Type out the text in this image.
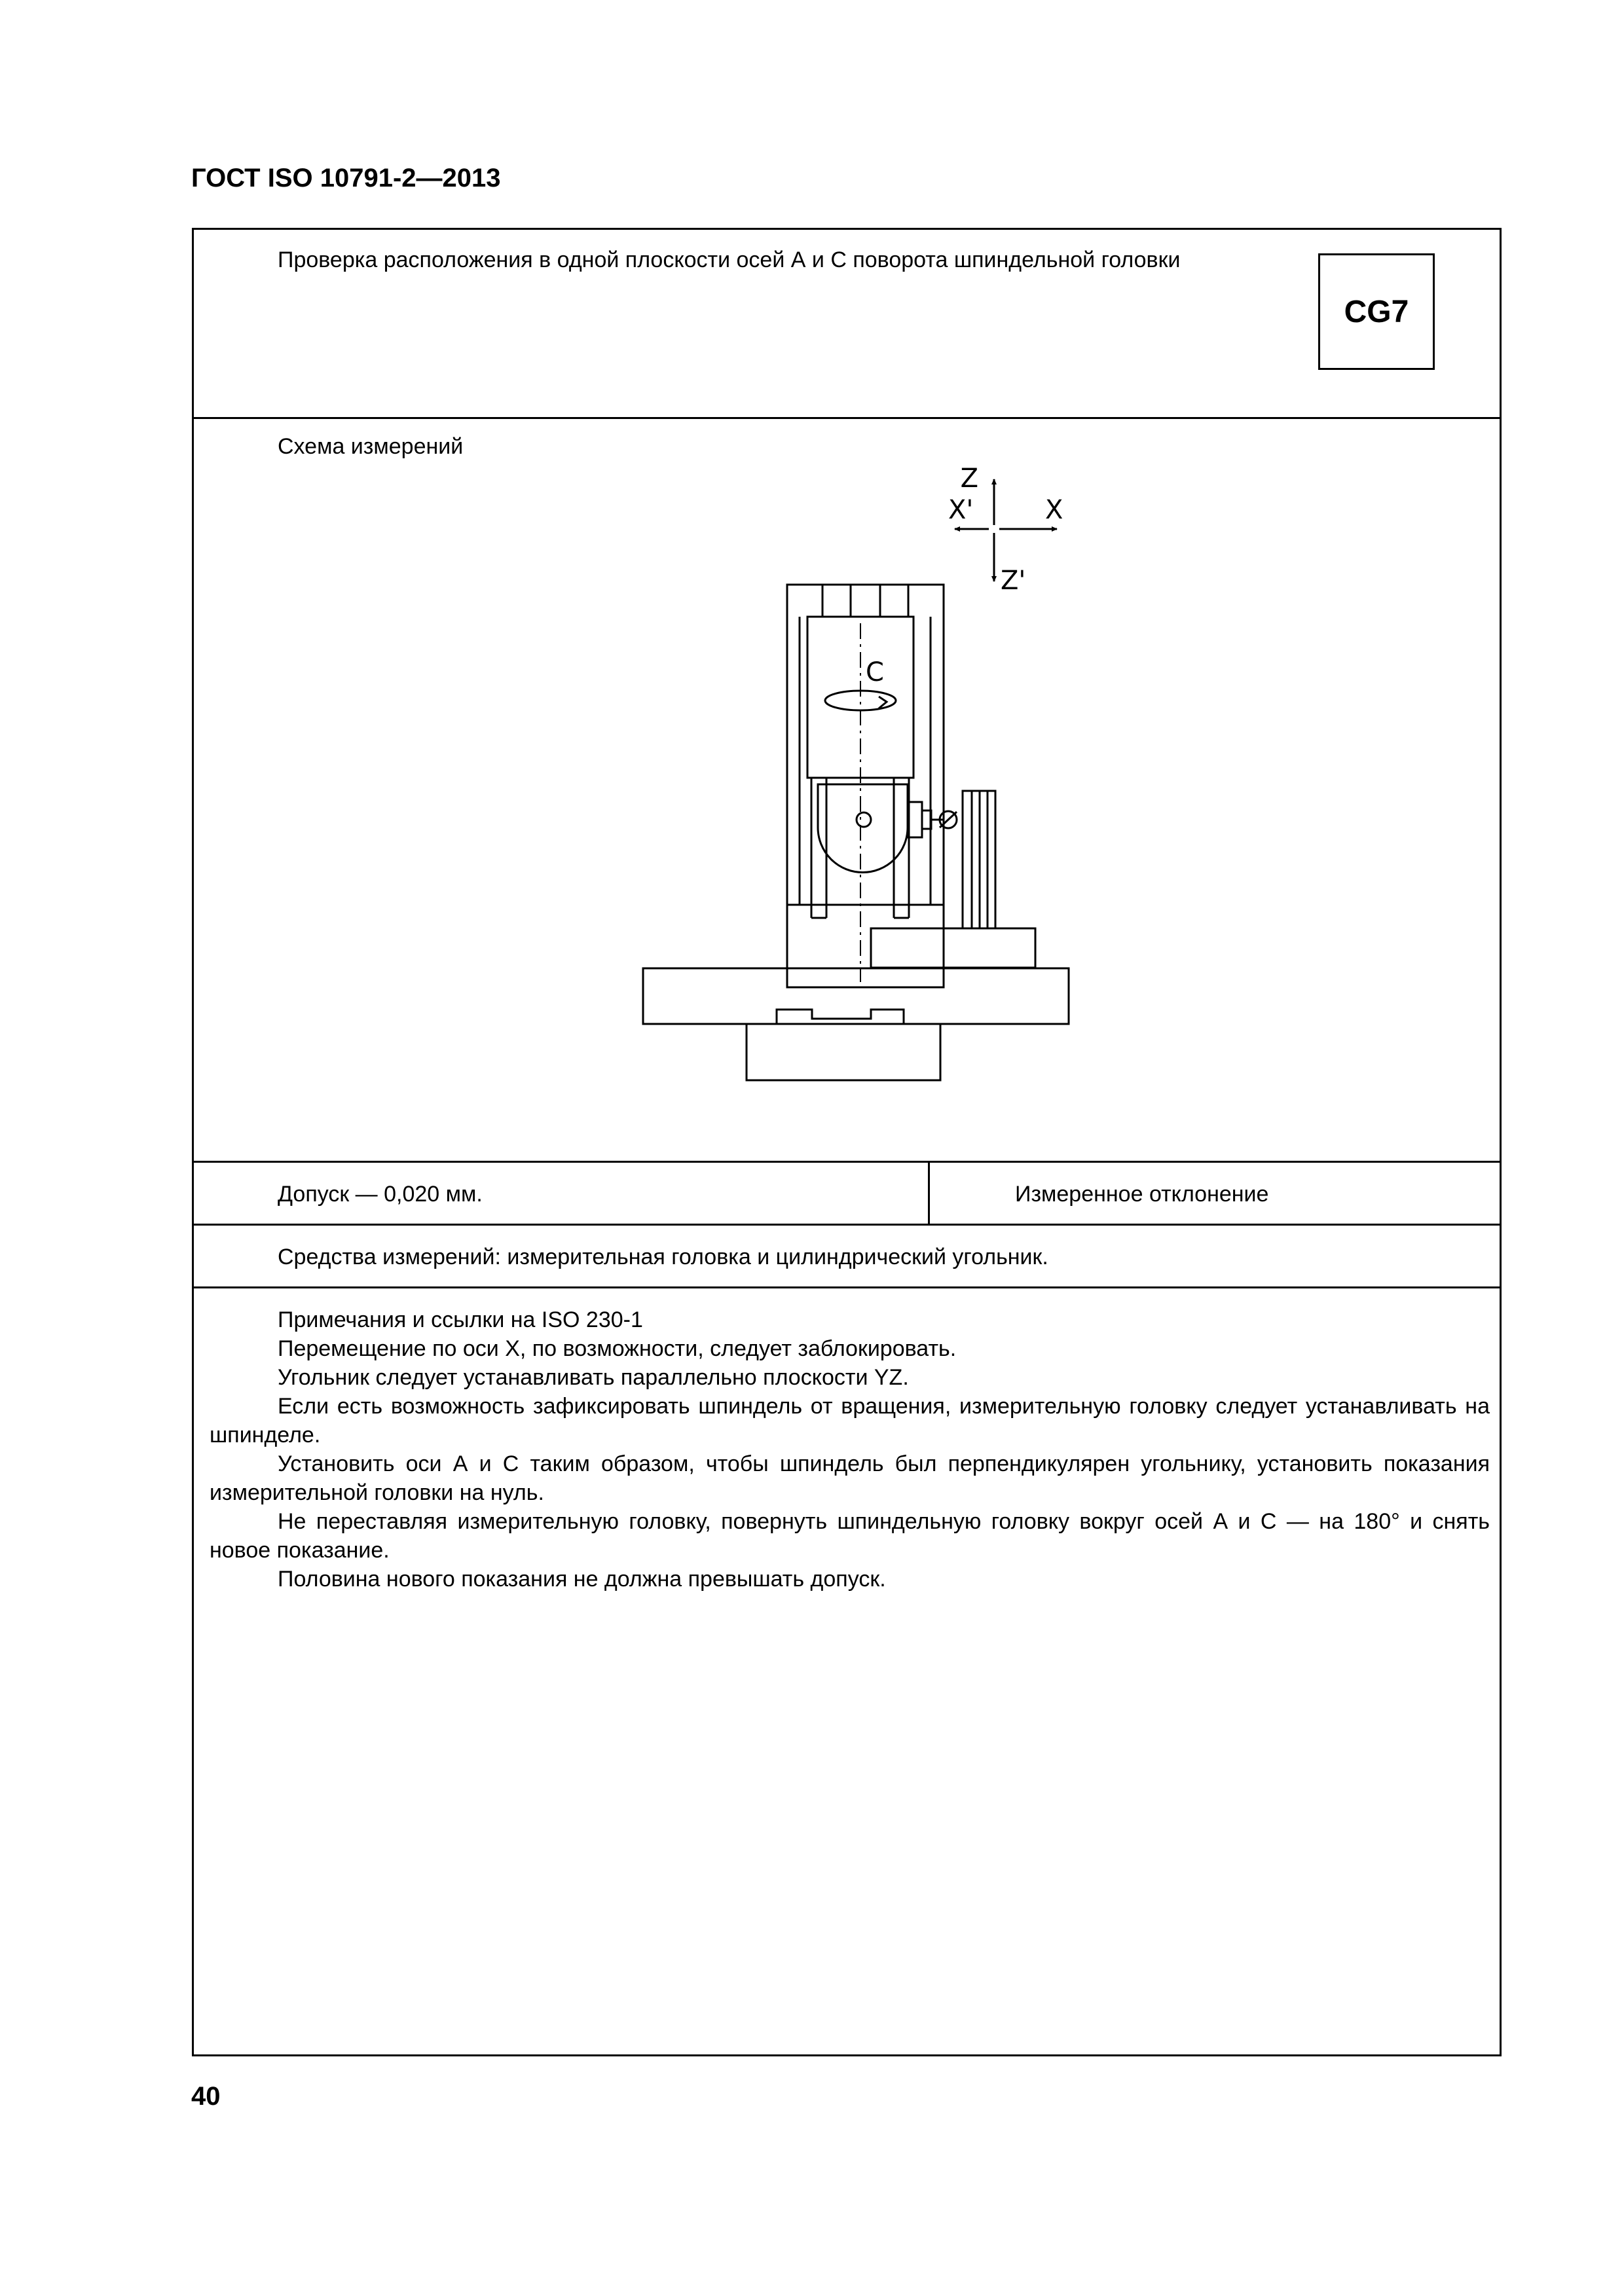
ГОСТ ISO 10791-2—2013
Проверка расположения в одной плоскости осей А и С поворота шпиндельной головки
CG7
Схема измерений
Z
Z'
X
X'
C
Допуск — 0,020 мм.	Измеренное отклонение
Средства измерений: измерительная головка и цилиндрический угольник.

Примечания и ссылки на ISO 230-1

Перемещение по оси X, по возможности, следует заблокировать.

Угольник следует устанавливать параллельно плоскости YZ.

Если есть возможность зафиксировать шпиндель от вращения, измерительную головку следует устанавливать на шпинделе.

Установить оси А и С таким образом, чтобы шпиндель был перпендикулярен угольнику, установить показания измерительной головки на нуль.

Не переставляя измерительную головку, повернуть шпиндельную головку вокруг осей А и С — на 180° и снять новое показание.

Половина нового показания не должна превышать допуск.

40
